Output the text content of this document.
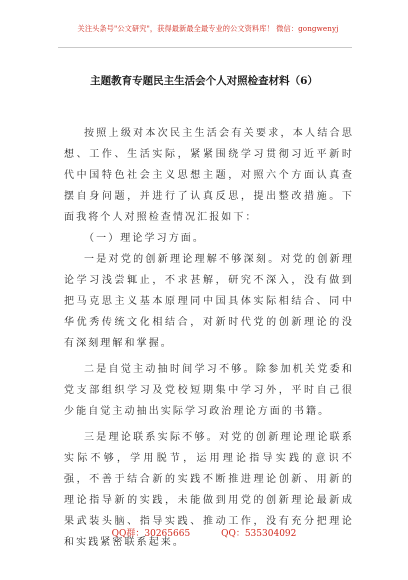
关注头条号"公文研究"，获得最新最全最专业的公文资料库！ 微信：gongwenyj
主题教育专题民主生活会个人对照检查材料（6）

按照上级对本次民主生活会有关要求，本人结合思想、工作、生活实际，紧紧围绕学习贯彻习近平新时代中国特色社会主义思想主题，对照六个方面认真查摆自身问题，并进行了认真反思，提出整改措施。下面我将个人对照检查情况汇报如下：

（一）理论学习方面。

一是对党的创新理论理解不够深刻。对党的创新理论学习浅尝辄止，不求甚解，研究不深入，没有做到把马克思主义基本原理同中国具体实际相结合、同中华优秀传统文化相结合，对新时代党的创新理论的没有深刻理解和掌握。

二是自觉主动抽时间学习不够。除参加机关党委和党支部组织学习及党校短期集中学习外，平时自己很少能自觉主动抽出实际学习政治理论方面的书籍。

三是理论联系实际不够。对党的创新理论理论联系实际不够，学用脱节，运用理论指导实践的意识不强，不善于结合新的实践不断推进理论创新、用新的理论指导新的实践，未能做到用党的创新理论最新成果武装头脑、指导实践、推动工作，没有充分把理论和实践紧密联系起来。

QQ群：30265665	QQ：535304092
